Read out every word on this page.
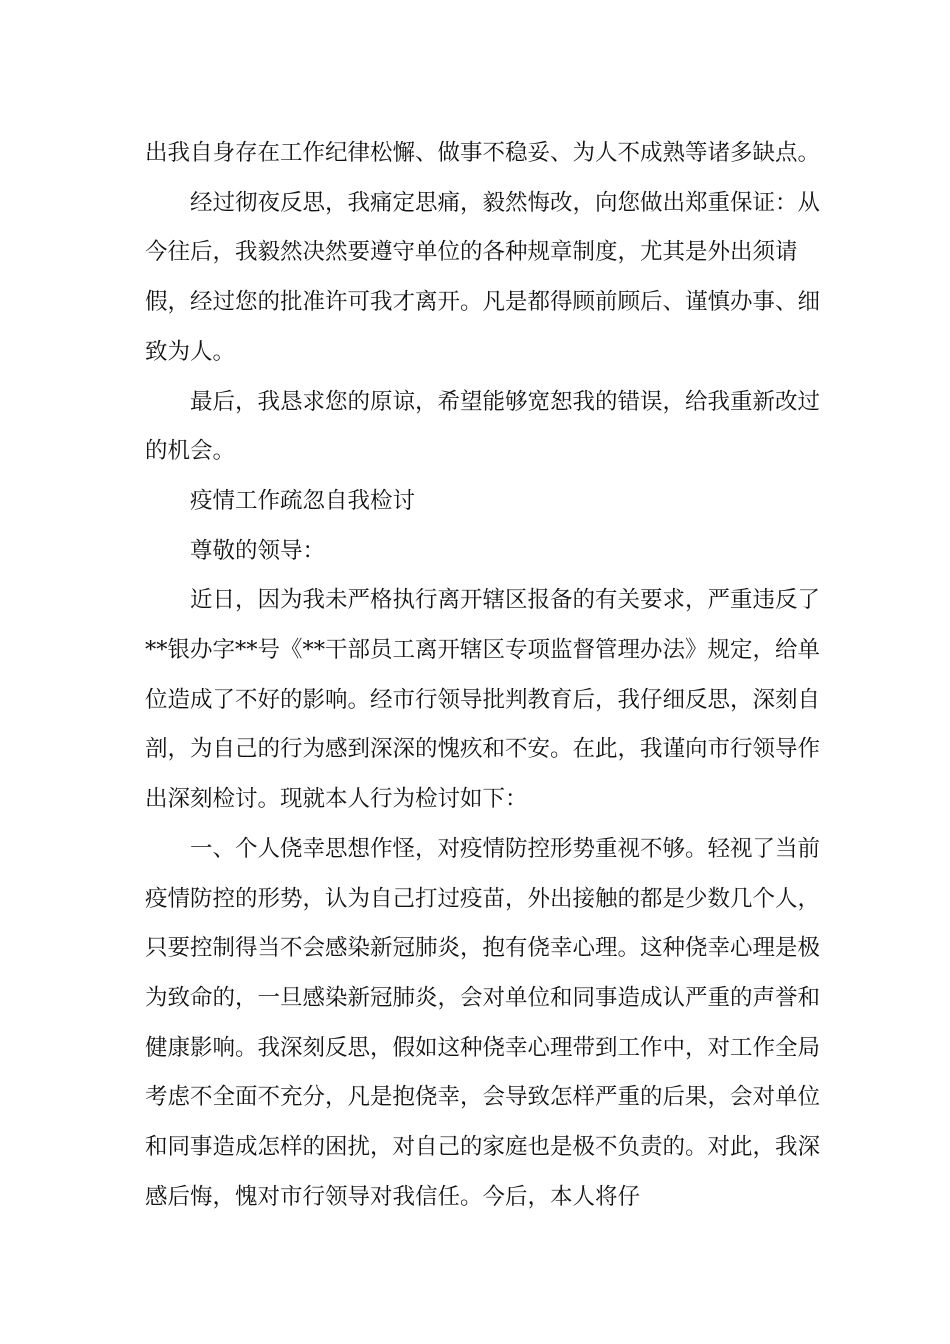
出我自身存在工作纪律松懈、做事不稳妥、为人不成熟等诸多缺点。

经过彻夜反思，我痛定思痛，毅然悔改，向您做出郑重保证：从今往后，我毅然决然要遵守单位的各种规章制度，尤其是外出须请假，经过您的批准许可我才离开。凡是都得顾前顾后、谨慎办事、细致为人。

最后，我恳求您的原谅，希望能够宽恕我的错误，给我重新改过的机会。

疫情工作疏忽自我检讨

尊敬的领导：

近日，因为我未严格执行离开辖区报备的有关要求，严重违反了**银办字**号《**干部员工离开辖区专项监督管理办法》规定，给单位造成了不好的影响。经市行领导批判教育后，我仔细反思，深刻自剖，为自己的行为感到深深的愧疚和不安。在此，我谨向市行领导作出深刻检讨。现就本人行为检讨如下：

一、个人侥幸思想作怪，对疫情防控形势重视不够。轻视了当前疫情防控的形势，认为自己打过疫苗，外出接触的都是少数几个人，只要控制得当不会感染新冠肺炎，抱有侥幸心理。这种侥幸心理是极为致命的，一旦感染新冠肺炎，会对单位和同事造成认严重的声誉和健康影响。我深刻反思，假如这种侥幸心理带到工作中，对工作全局考虑不全面不充分，凡是抱侥幸，会导致怎样严重的后果，会对单位和同事造成怎样的困扰，对自己的家庭也是极不负责的。对此，我深感后悔，愧对市行领导对我信任。今后，本人将仔
